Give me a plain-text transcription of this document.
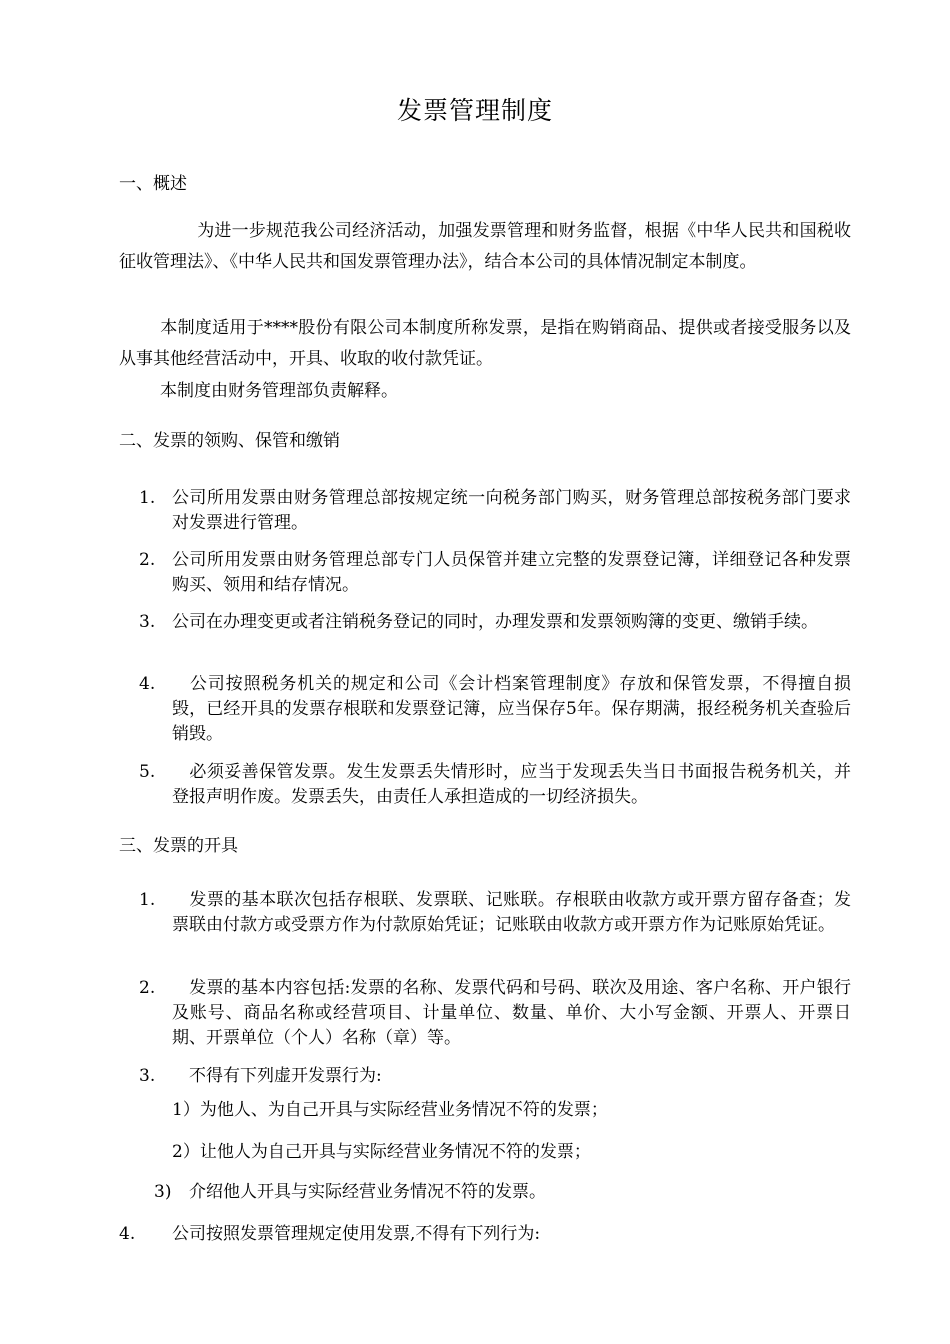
发票管理制度
一、概述

为进一步规范我公司经济活动，加强发票管理和财务监督，根据《中华人民共和国税收征收管理法》、《中华人民共和国发票管理办法》，结合本公司的具体情况制定本制度。

本制度适用于****股份有限公司本制度所称发票，是指在购销商品、提供或者接受服务以及从事其他经营活动中，开具、收取的收付款凭证。

本制度由财务管理部负责解释。

二、发票的领购、保管和缴销
1. 公司所用发票由财务管理总部按规定统一向税务部门购买，财务管理总部按税务部门要求对发票进行管理。
2. 公司所用发票由财务管理总部专门人员保管并建立完整的发票登记簿，详细登记各种发票购买、领用和结存情况。
3. 公司在办理变更或者注销税务登记的同时，办理发票和发票领购簿的变更、缴销手续。
4.	公司按照税务机关的规定和公司《会计档案管理制度》存放和保管发票，不得擅自损毁，已经开具的发票存根联和发票登记簿，应当保存5年。保存期满，报经税务机关查验后销毁。
5.	必须妥善保管发票。发生发票丢失情形时，应当于发现丢失当日书面报告税务机关，并登报声明作废。发票丢失，由责任人承担造成的一切经济损失。
三、发票的开具
1.	发票的基本联次包括存根联、发票联、记账联。存根联由收款方或开票方留存备查；发票联由付款方或受票方作为付款原始凭证；记账联由收款方或开票方作为记账原始凭证。
2.	发票的基本内容包括:发票的名称、发票代码和号码、联次及用途、客户名称、开户银行及账号、商品名称或经营项目、计量单位、数量、单价、大小写金额、开票人、开票日期、开票单位（个人）名称（章）等。
3.	不得有下列虚开发票行为:
1）为他人、为自己开具与实际经营业务情况不符的发票；
2）让他人为自己开具与实际经营业务情况不符的发票；
3) 介绍他人开具与实际经营业务情况不符的发票。
4. 公司按照发票管理规定使用发票,不得有下列行为:
